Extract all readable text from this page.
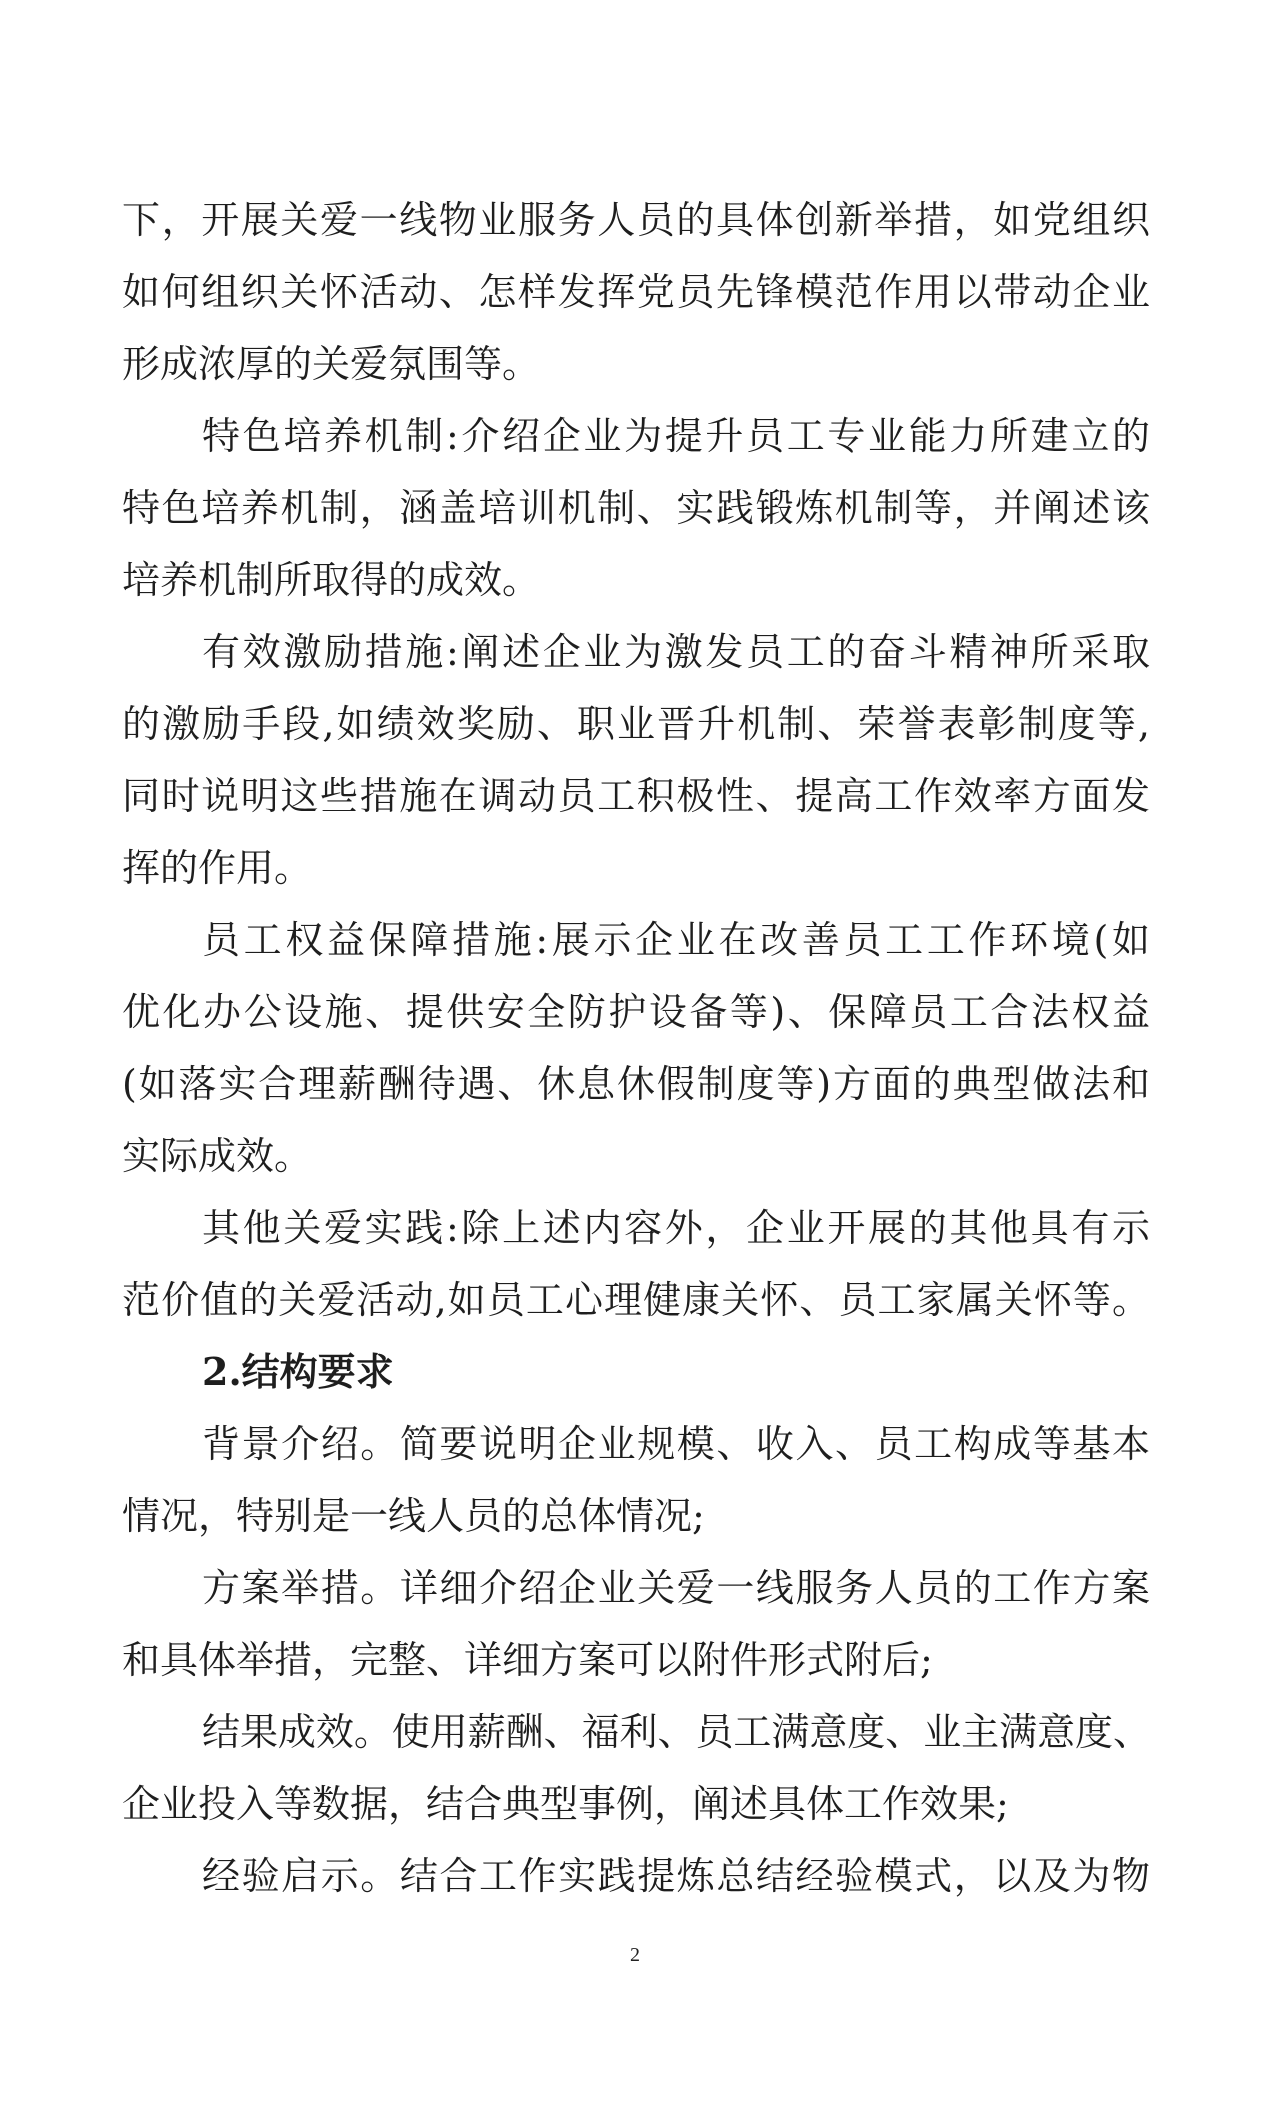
下，开展关爱一线物业服务人员的具体创新举措，如党组织
如何组织关怀活动、怎样发挥党员先锋模范作用以带动企业
形成浓厚的关爱氛围等。
特色培养机制:介绍企业为提升员工专业能力所建立的
特色培养机制，涵盖培训机制、实践锻炼机制等，并阐述该
培养机制所取得的成效。
有效激励措施:阐述企业为激发员工的奋斗精神所采取
的激励手段,如绩效奖励、职业晋升机制、荣誉表彰制度等,
同时说明这些措施在调动员工积极性、提高工作效率方面发
挥的作用。
员工权益保障措施:展示企业在改善员工工作环境(如
优化办公设施、提供安全防护设备等)、保障员工合法权益
(如落实合理薪酬待遇、休息休假制度等)方面的典型做法和
实际成效。
其他关爱实践:除上述内容外，企业开展的其他具有示
范价值的关爱活动,如员工心理健康关怀、员工家属关怀等。
2.结构要求
背景介绍。简要说明企业规模、收入、员工构成等基本
情况，特别是一线人员的总体情况;
方案举措。详细介绍企业关爱一线服务人员的工作方案
和具体举措，完整、详细方案可以附件形式附后;
结果成效。使用薪酬、福利、员工满意度、业主满意度、
企业投入等数据，结合典型事例，阐述具体工作效果;
经验启示。结合工作实践提炼总结经验模式，以及为物
2
